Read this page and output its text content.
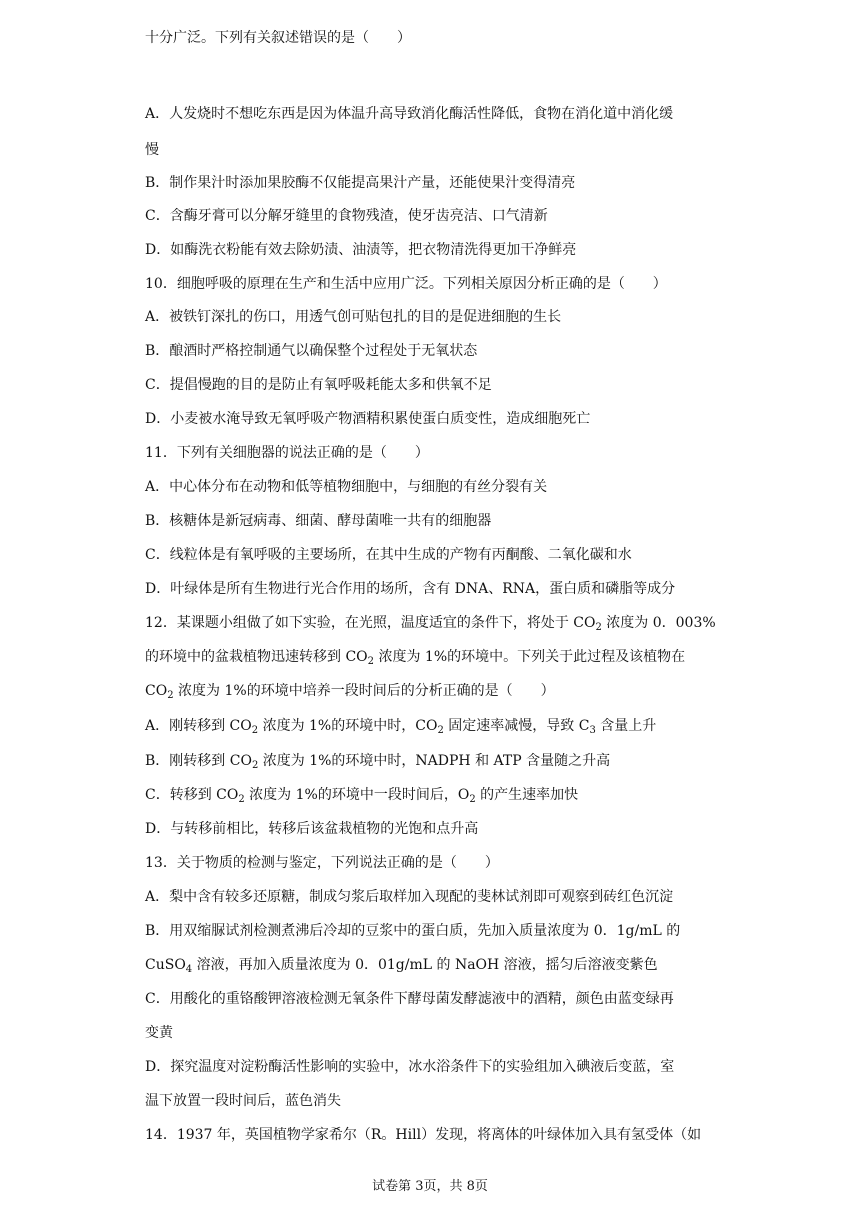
十分广泛。下列有关叙述错误的是（　　）
A．人发烧时不想吃东西是因为体温升高导致消化酶活性降低，食物在消化道中消化缓
慢
B．制作果汁时添加果胶酶不仅能提高果汁产量，还能使果汁变得清亮
C．含酶牙膏可以分解牙缝里的食物残渣，使牙齿亮洁、口气清新
D．如酶洗衣粉能有效去除奶渍、油渍等，把衣物清洗得更加干净鲜亮
10．细胞呼吸的原理在生产和生活中应用广泛。下列相关原因分析正确的是（　　）
A．被铁钉深扎的伤口，用透气创可贴包扎的目的是促进细胞的生长
B．酿酒时严格控制通气以确保整个过程处于无氧状态
C．提倡慢跑的目的是防止有氧呼吸耗能太多和供氧不足
D．小麦被水淹导致无氧呼吸产物酒精积累使蛋白质变性，造成细胞死亡
11．下列有关细胞器的说法正确的是（　　）
A．中心体分布在动物和低等植物细胞中，与细胞的有丝分裂有关
B．核糖体是新冠病毒、细菌、酵母菌唯一共有的细胞器
C．线粒体是有氧呼吸的主要场所，在其中生成的产物有丙酮酸、二氧化碳和水
D．叶绿体是所有生物进行光合作用的场所，含有 DNA、RNA，蛋白质和磷脂等成分
12．某课题小组做了如下实验，在光照，温度适宜的条件下，将处于 $CO_2$ 浓度为 0．003%
的环境中的盆栽植物迅速转移到 $CO_2$ 浓度为 1%的环境中。下列关于此过程及该植物在
$CO_2$ 浓度为 1%的环境中培养一段时间后的分析正确的是（　　）
A．刚转移到 $CO_2$ 浓度为 1%的环境中时，$CO_2$ 固定速率减慢，导致 $C_3$ 含量上升
B．刚转移到 $CO_2$ 浓度为 1%的环境中时，NADPH 和 ATP 含量随之升高
C．转移到 $CO_2$ 浓度为 1%的环境中一段时间后，$O_2$ 的产生速率加快
D．与转移前相比，转移后该盆栽植物的光饱和点升高
13．关于物质的检测与鉴定，下列说法正确的是（　　）
A．梨中含有较多还原糖，制成匀浆后取样加入现配的斐林试剂即可观察到砖红色沉淀
B．用双缩脲试剂检测煮沸后冷却的豆浆中的蛋白质，先加入质量浓度为 0．1g/mL 的
CuSO$_4$ 溶液，再加入质量浓度为 0．01g/mL 的 NaOH 溶液，摇匀后溶液变紫色
C．用酸化的重铬酸钾溶液检测无氧条件下酵母菌发酵滤液中的酒精，颜色由蓝变绿再
变黄
D．探究温度对淀粉酶活性影响的实验中，冰水浴条件下的实验组加入碘液后变蓝，室
温下放置一段时间后，蓝色消失
14．1937 年，英国植物学家希尔（R。Hill）发现，将离体的叶绿体加入具有氢受体（如
试卷第 3页，共 8页
